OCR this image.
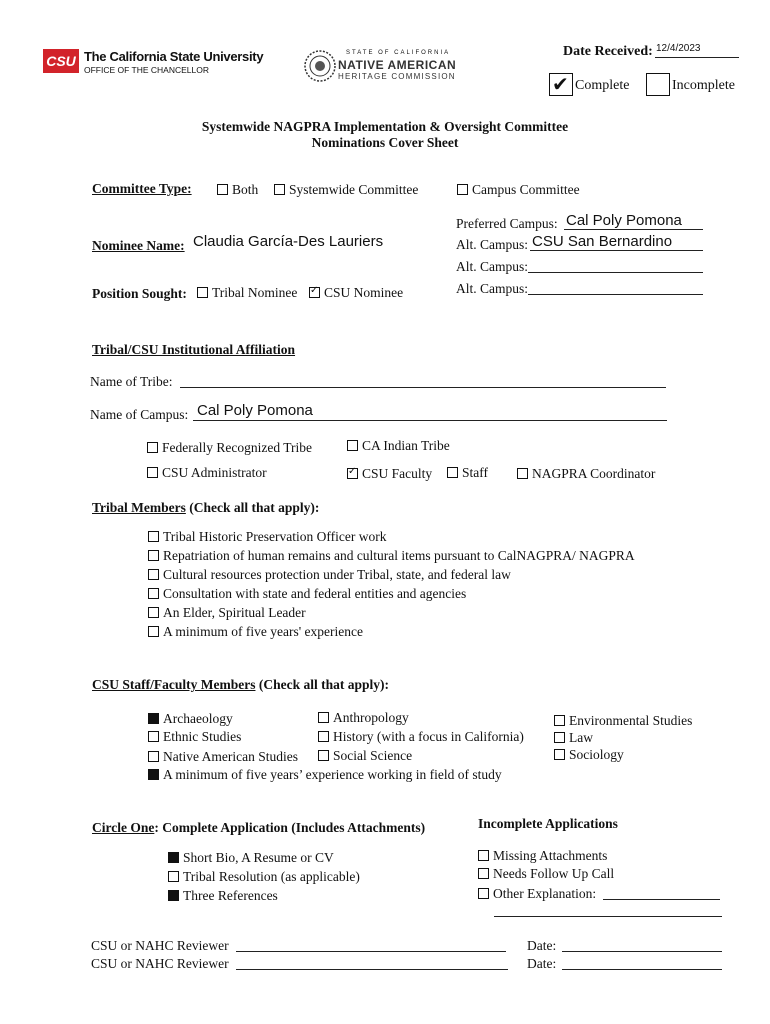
CSU The California State University
OFFICE OF THE CHANCELLOR
STATE OF CALIFORNIA
NATIVE AMERICAN
HERITAGE COMMISSION
Date Received: 12/4/2023
✔ Complete	Incomplete
Systemwide NAGPRA Implementation & Oversight Committee
Nominations Cover Sheet
Committee Type:	Both	Systemwide Committee	Campus Committee
Preferred Campus: Cal Poly Pomona
Alt. Campus: CSU San Bernardino
Alt. Campus:
Alt. Campus:
Nominee Name: Claudia García-Des Lauriers
Position Sought:	Tribal Nominee ✓	CSU Nominee
Tribal/CSU Institutional Affiliation
Name of Tribe:
Name of Campus: Cal Poly Pomona
Federally Recognized Tribe	CA Indian Tribe
CSU Administrator ✓	CSU Faculty	Staff	NAGPRA Coordinator
Tribal Members (Check all that apply):
Tribal Historic Preservation Officer work
Repatriation of human remains and cultural items pursuant to CalNAGPRA/ NAGPRA
Cultural resources protection under Tribal, state, and federal law
Consultation with state and federal entities and agencies
An Elder, Spiritual Leader
A minimum of five years' experience
CSU Staff/Faculty Members (Check all that apply):
Archaeology
Ethnic Studies
Native American Studies
Anthropology
History (with a focus in California)
Social Science
Environmental Studies
Law
Sociology
A minimum of five years’ experience working in field of study
Circle One: Complete Application (Includes Attachments)
Short Bio, A Resume or CV
Tribal Resolution (as applicable)
Three References
Incomplete Applications
Missing Attachments
Needs Follow Up Call
Other Explanation:
CSU or NAHC Reviewer
CSU or NAHC Reviewer
Date:
Date:
